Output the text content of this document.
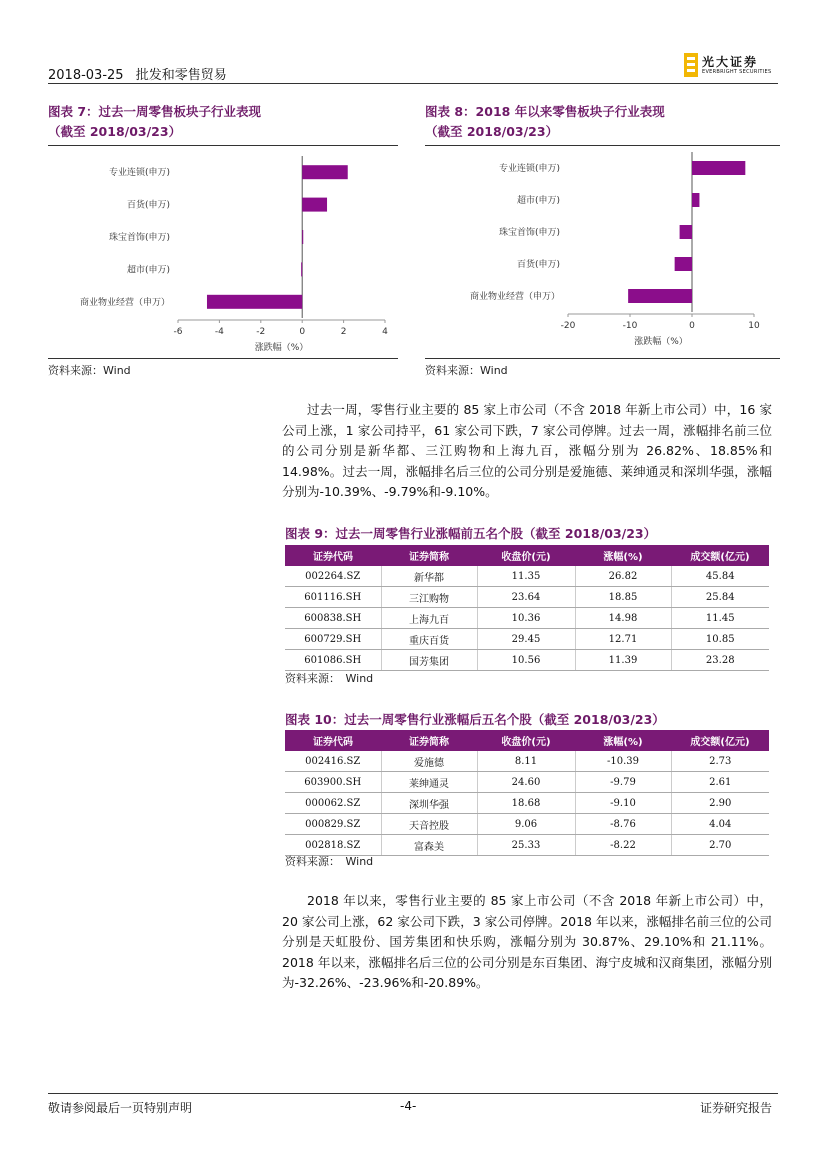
2018-03-25 批发和零售贸易
光大证券
EVERBRIGHT SECURITIES
图表 7：过去一周零售板块子行业表现
（截至 2018/03/23）
专业连锁(申万)
百货(申万)
珠宝首饰(申万)
超市(申万)
商业物业经营（申万）
-6	-4	-2	0	2	4
涨跌幅（%）
资料来源：Wind
图表 8：2018 年以来零售板块子行业表现
（截至 2018/03/23）
专业连锁(申万)
超市(申万)
珠宝首饰(申万)
百货(申万)
商业物业经营（申万）
-20	-10	0	10
涨跌幅（%）
资料来源：Wind

过去一周，零售行业主要的 85 家上市公司（不含 2018 年新上市公司）中，16 家公司上涨，1 家公司持平，61 家公司下跌，7 家公司停牌。过去一周，涨幅排名前三位的公司分别是新华都、三江购物和上海九百，涨幅分别为 26.82%、18.85%和 14.98%。过去一周，涨幅排名后三位的公司分别是爱施德、莱绅通灵和深圳华强，涨幅分别为-10.39%、-9.79%和-9.10%。

图表 9：过去一周零售行业涨幅前五名个股（截至 2018/03/23）
证券代码	证券简称	收盘价(元)	涨幅(%)	成交额(亿元)
002264.SZ	新华都	11.35	26.82	45.84
601116.SH	三江购物	23.64	18.85	25.84
600838.SH	上海九百	10.36	14.98	11.45
600729.SH	重庆百货	29.45	12.71	10.85
601086.SH	国芳集团	10.56	11.39	23.28
资料来源：　Wind
图表 10：过去一周零售行业涨幅后五名个股（截至 2018/03/23）
证券代码	证券简称	收盘价(元)	涨幅(%)	成交额(亿元)
002416.SZ	爱施德	8.11	-10.39	2.73
603900.SH	莱绅通灵	24.60	-9.79	2.61
000062.SZ	深圳华强	18.68	-9.10	2.90
000829.SZ	天音控股	9.06	-8.76	4.04
002818.SZ	富森美	25.33	-8.22	2.70
资料来源：　Wind

2018 年以来，零售行业主要的 85 家上市公司（不含 2018 年新上市公司）中，20 家公司上涨，62 家公司下跌，3 家公司停牌。2018 年以来，涨幅排名前三位的公司分别是天虹股份、国芳集团和快乐购，涨幅分别为 30.87%、29.10%和 21.11%。2018 年以来，涨幅排名后三位的公司分别是东百集团、海宁皮城和汉商集团，涨幅分别为-32.26%、-23.96%和-20.89%。

敬请参阅最后一页特别声明	-4-	证券研究报告
